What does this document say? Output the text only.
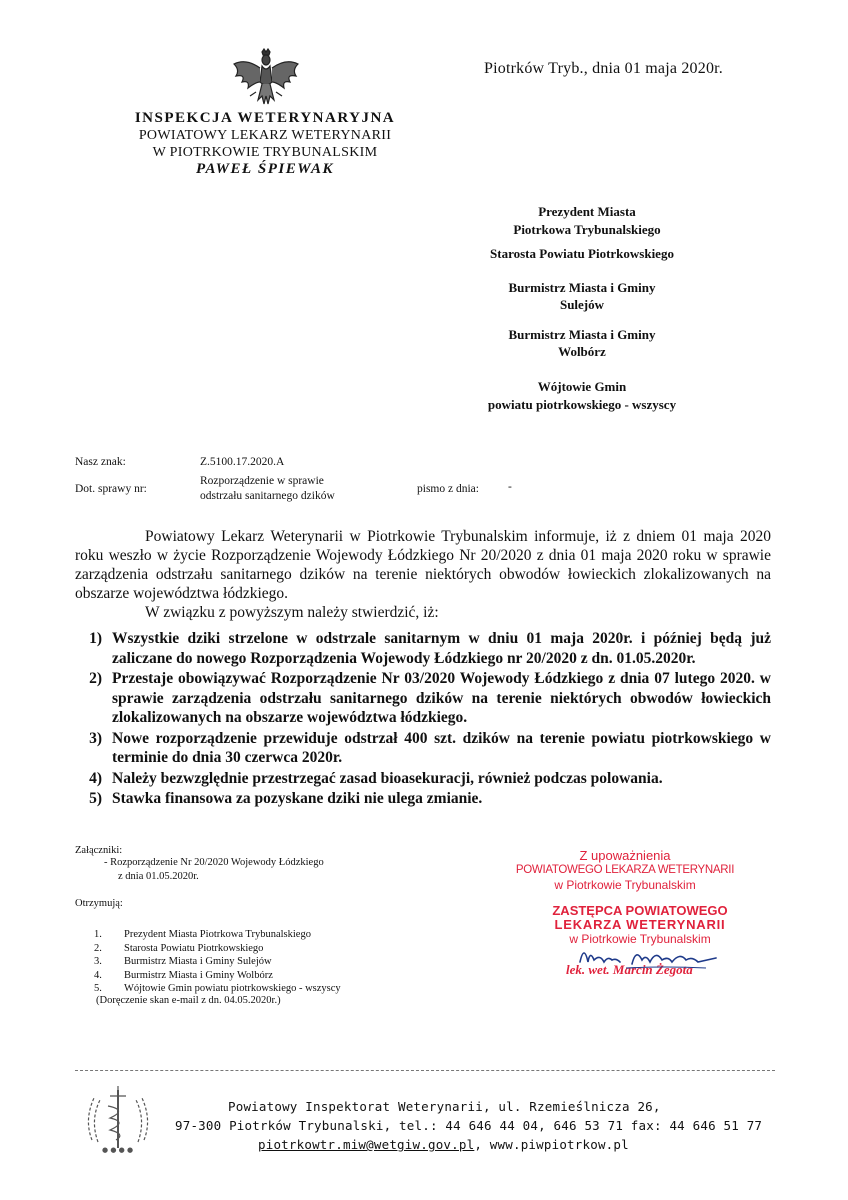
Piotrków Tryb., dnia 01 maja 2020r.
INSPEKCJA WETERYNARYJNA
POWIATOWY LEKARZ WETERYNARII
W PIOTRKOWIE TRYBUNALSKIM
PAWEŁ ŚPIEWAK
Prezydent Miasta
Piotrkowa Trybunalskiego
Starosta Powiatu Piotrkowskiego
Burmistrz Miasta i Gminy
Sulejów
Burmistrz Miasta i Gminy
Wolbórz
Wójtowie Gmin
powiatu piotrkowskiego - wszyscy
Nasz znak:	Z.5100.17.2020.A
Dot. sprawy nr:
Rozporządzenie w sprawie
odstrzału sanitarnego dzików
pismo z dnia:	-

Powiatowy Lekarz Weterynarii w Piotrkowie Trybunalskim informuje, iż z dniem 01 maja 2020 roku weszło w życie Rozporządzenie Wojewody Łódzkiego Nr 20/2020 z dnia 01 maja 2020 roku w sprawie zarządzenia odstrzału sanitarnego dzików na terenie niektórych obwodów łowieckich zlokalizowanych na obszarze województwa łódzkiego.

W związku z powyższym należy stwierdzić, iż:

1) Wszystkie dziki strzelone w odstrzale sanitarnym w dniu 01 maja 2020r. i później będą już zaliczane do nowego Rozporządzenia Wojewody Łódzkiego nr 20/2020 z dn. 01.05.2020r.
2) Przestaje obowiązywać Rozporządzenie Nr 03/2020 Wojewody Łódzkiego z dnia 07 lutego 2020. w sprawie zarządzenia odstrzału sanitarnego dzików na terenie niektórych obwodów łowieckich zlokalizowanych na obszarze województwa łódzkiego.
3) Nowe rozporządzenie przewiduje odstrzał 400 szt. dzików na terenie powiatu piotrkowskiego w terminie do dnia 30 czerwca 2020r.
4) Należy bezwzględnie przestrzegać zasad bioasekuracji, również podczas polowania.
5) Stawka finansowa za pozyskane dziki nie ulega zmianie.
Załączniki:
- Rozporządzenie Nr 20/2020 Wojewody Łódzkiego
z dnia 01.05.2020r.
Otrzymują:
1. Prezydent Miasta Piotrkowa Trybunalskiego
2. Starosta Powiatu Piotrkowskiego
3. Burmistrz Miasta i Gminy Sulejów
4. Burmistrz Miasta i Gminy Wolbórz
5. Wójtowie Gmin powiatu piotrkowskiego - wszyscy
(Doręczenie skan e-mail z dn. 04.05.2020r.)
Z upoważnienia
POWIATOWEGO LEKARZA WETERYNARII
w Piotrkowie Trybunalskim
ZASTĘPCA POWIATOWEGO
LEKARZA WETERYNARII
w Piotrkowie Trybunalskim
lek. wet. Marcin Żegota
● ● ● ●
Powiatowy Inspektorat Weterynarii, ul. Rzemieślnicza 26,
97-300 Piotrków Trybunalski, tel.: 44 646 44 04, 646 53 71 fax: 44 646 51 77
piotrkowtr.miw@wetgiw.gov.pl, www.piwpiotrkow.pl
